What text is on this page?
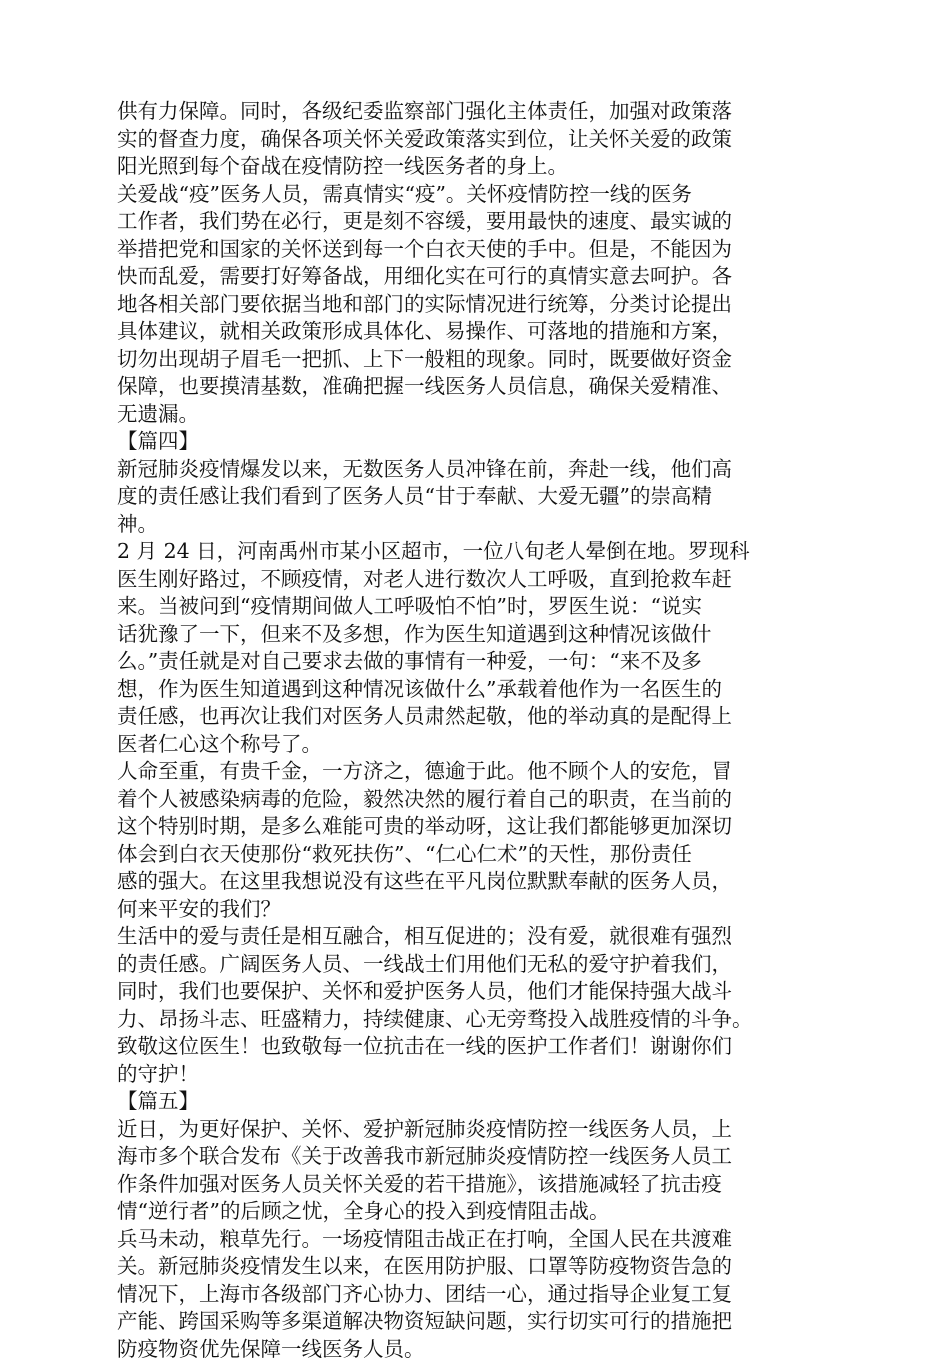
供有力保障。同时，各级纪委监察部门强化主体责任，加强对政策落
实的督查力度，确保各项关怀关爱政策落实到位，让关怀关爱的政策
阳光照到每个奋战在疫情防控一线医务者的身上。
关爱战“疫”医务人员，需真情实“疫”。关怀疫情防控一线的医务
工作者，我们势在必行，更是刻不容缓，要用最快的速度、最实诚的
举措把党和国家的关怀送到每一个白衣天使的手中。但是，不能因为
快而乱爱，需要打好筹备战，用细化实在可行的真情实意去呵护。各
地各相关部门要依据当地和部门的实际情况进行统筹，分类讨论提出
具体建议，就相关政策形成具体化、易操作、可落地的措施和方案，
切勿出现胡子眉毛一把抓、上下一般粗的现象。同时，既要做好资金
保障，也要摸清基数，准确把握一线医务人员信息，确保关爱精准、
无遗漏。
【篇四】
新冠肺炎疫情爆发以来，无数医务人员冲锋在前，奔赴一线，他们高
度的责任感让我们看到了医务人员“甘于奉献、大爱无疆”的崇高精
神。
2 月 24 日，河南禹州市某小区超市，一位八旬老人晕倒在地。罗现科
医生刚好路过，不顾疫情，对老人进行数次人工呼吸，直到抢救车赶
来。当被问到“疫情期间做人工呼吸怕不怕”时，罗医生说：“说实
话犹豫了一下，但来不及多想，作为医生知道遇到这种情况该做什
么。”责任就是对自己要求去做的事情有一种爱，一句：“来不及多
想，作为医生知道遇到这种情况该做什么”承载着他作为一名医生的
责任感，也再次让我们对医务人员肃然起敬，他的举动真的是配得上
医者仁心这个称号了。
人命至重，有贵千金，一方济之，德逾于此。他不顾个人的安危，冒
着个人被感染病毒的危险，毅然决然的履行着自己的职责，在当前的
这个特别时期，是多么难能可贵的举动呀，这让我们都能够更加深切
体会到白衣天使那份“救死扶伤”、“仁心仁术”的天性，那份责任
感的强大。在这里我想说没有这些在平凡岗位默默奉献的医务人员，
何来平安的我们？
生活中的爱与责任是相互融合，相互促进的；没有爱，就很难有强烈
的责任感。广阔医务人员、一线战士们用他们无私的爱守护着我们，
同时，我们也要保护、关怀和爱护医务人员，他们才能保持强大战斗
力、昂扬斗志、旺盛精力，持续健康、心无旁骛投入战胜疫情的斗争。
致敬这位医生！也致敬每一位抗击在一线的医护工作者们！谢谢你们
的守护！
【篇五】
近日，为更好保护、关怀、爱护新冠肺炎疫情防控一线医务人员，上
海市多个联合发布《关于改善我市新冠肺炎疫情防控一线医务人员工
作条件加强对医务人员关怀关爱的若干措施》，该措施减轻了抗击疫
情“逆行者”的后顾之忧，全身心的投入到疫情阻击战。
兵马未动，粮草先行。一场疫情阻击战正在打响，全国人民在共渡难
关。新冠肺炎疫情发生以来，在医用防护服、口罩等防疫物资告急的
情况下，上海市各级部门齐心协力、团结一心，通过指导企业复工复
产能、跨国采购等多渠道解决物资短缺问题，实行切实可行的措施把
防疫物资优先保障一线医务人员。
